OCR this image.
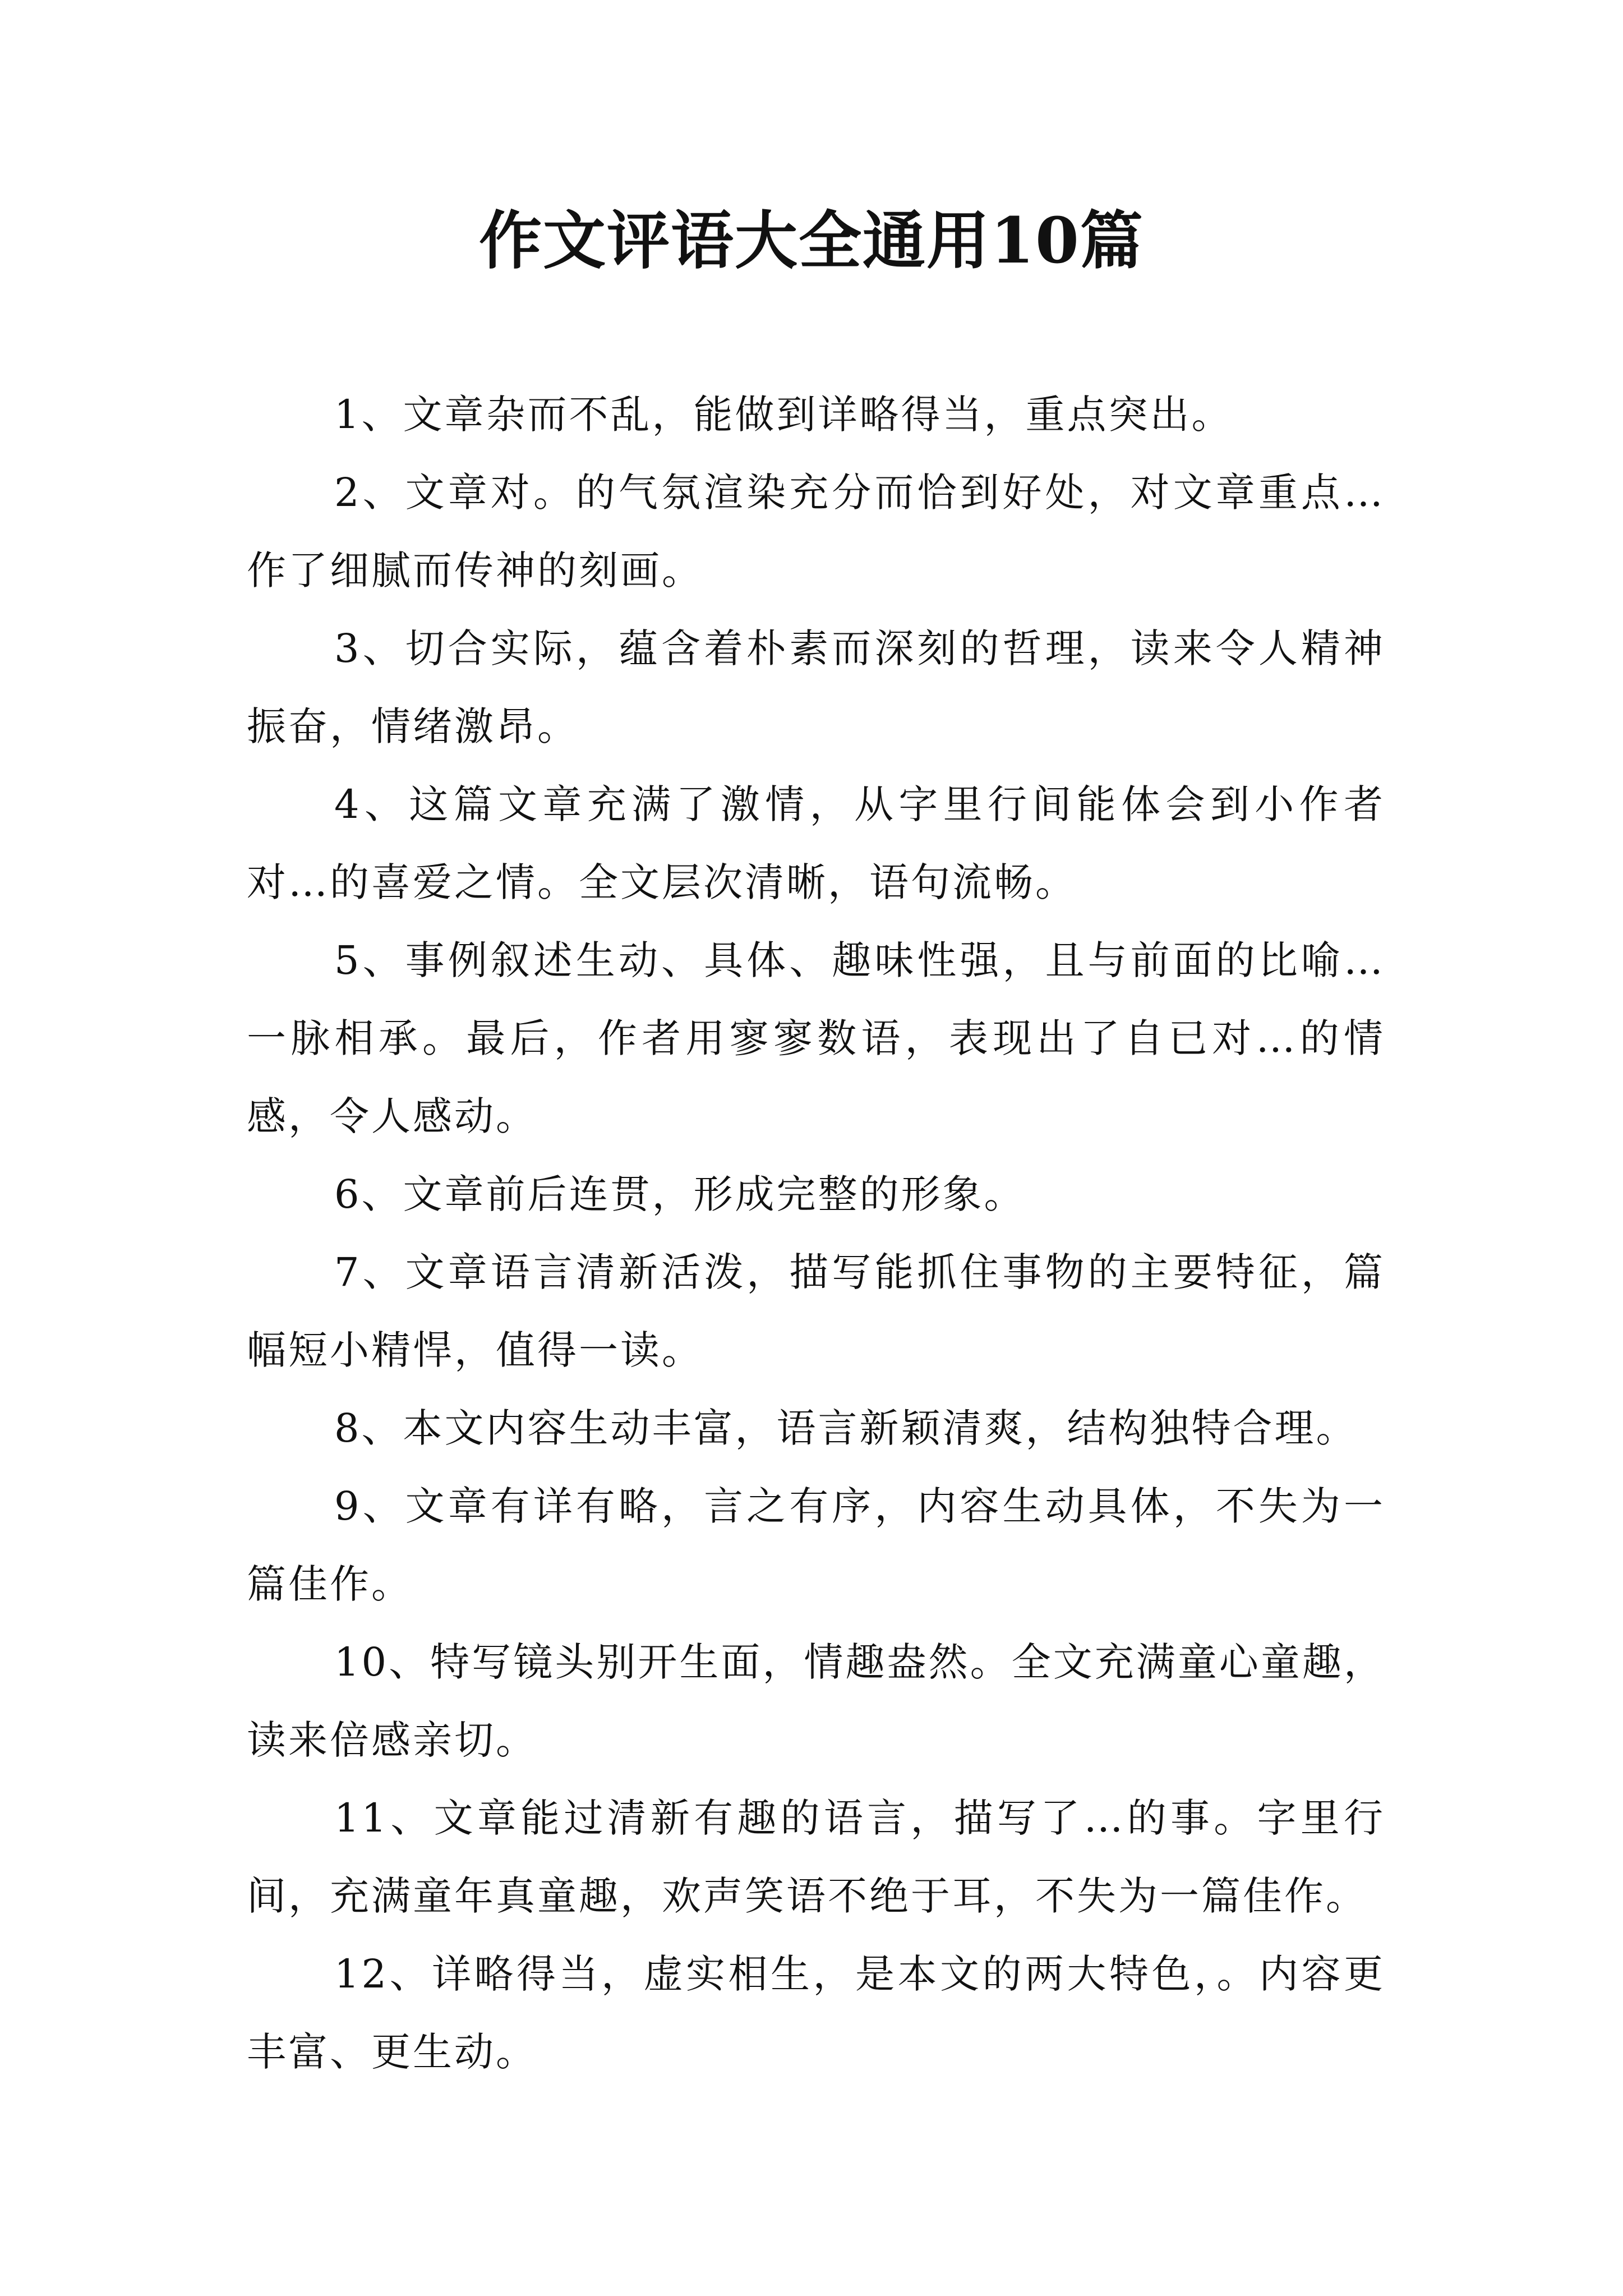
作文评语大全通用10篇

1、文章杂而不乱，能做到详略得当，重点突出。

2、文章对。的气氛渲染充分而恰到好处，对文章重点…作了细腻而传神的刻画。

3、切合实际，蕴含着朴素而深刻的哲理，读来令人精神振奋，情绪激昂。

4、这篇文章充满了激情，从字里行间能体会到小作者对…的喜爱之情。全文层次清晰，语句流畅。

5、事例叙述生动、具体、趣味性强，且与前面的比喻…一脉相承。最后，作者用寥寥数语，表现出了自已对…的情感，令人感动。

6、文章前后连贯，形成完整的形象。

7、文章语言清新活泼，描写能抓住事物的主要特征，篇幅短小精悍，值得一读。

8、本文内容生动丰富，语言新颖清爽，结构独特合理。

9、文章有详有略，言之有序，内容生动具体，不失为一篇佳作。

10、特写镜头别开生面，情趣盎然。全文充满童心童趣，读来倍感亲切。

11、文章能过清新有趣的语言，描写了…的事。字里行间，充满童年真童趣，欢声笑语不绝于耳，不失为一篇佳作。

12、详略得当，虚实相生，是本文的两大特色，。内容更丰富、更生动。
